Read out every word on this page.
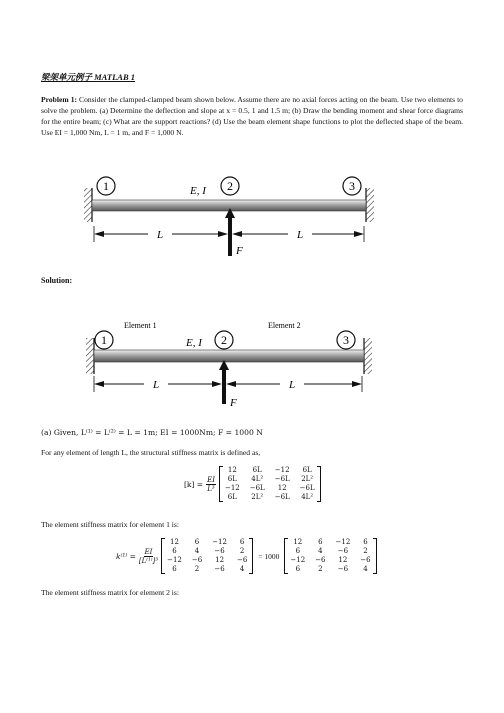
梁架单元例子 MATLAB 1
Problem 1: Consider the clamped-clamped beam shown below. Assume there are no axial forces acting on the beam. Use two elements to solve the problem. (a) Determine the deflection and slope at x = 0.5, 1 and 1.5 m; (b) Draw the bending moment and shear force diagrams for the entire beam; (c) What are the support reactions? (d) Use the beam element shape functions to plot the deflected shape of the beam. Use EI = 1,000 Nm, L = 1 m, and F = 1,000 N.
1	2	3
E, I
L	L
F
Solution:
Element 1	Element 2
1	2	3
E, I
L	L
F
(a) Given, L⁽¹⁾ = L⁽²⁾ = L = 1m; EI = 1000Nm; F = 1000 N
For any element of length L, the structural stiffness matrix is defined as,
$[k] = \frac{EI}{\text{L³}}$
12	6L	−12	6L
6L	4L²	−6L	2L²
−12	−6L	12	−6L
6L	2L²	−6L	4L²

The element stiffness matrix for element 1 is:
$k^{(1)} = \frac{EI}{\text{[L⁽¹⁾]³}}$
12	6	−12	6
6	4	−6	2
−12	−6	12	−6
6	2	−6	4

= 1000
12	6	−12	6
6	4	−6	2
−12	−6	12	−6
6	2	−6	4

The element stiffness matrix for element 2 is:
